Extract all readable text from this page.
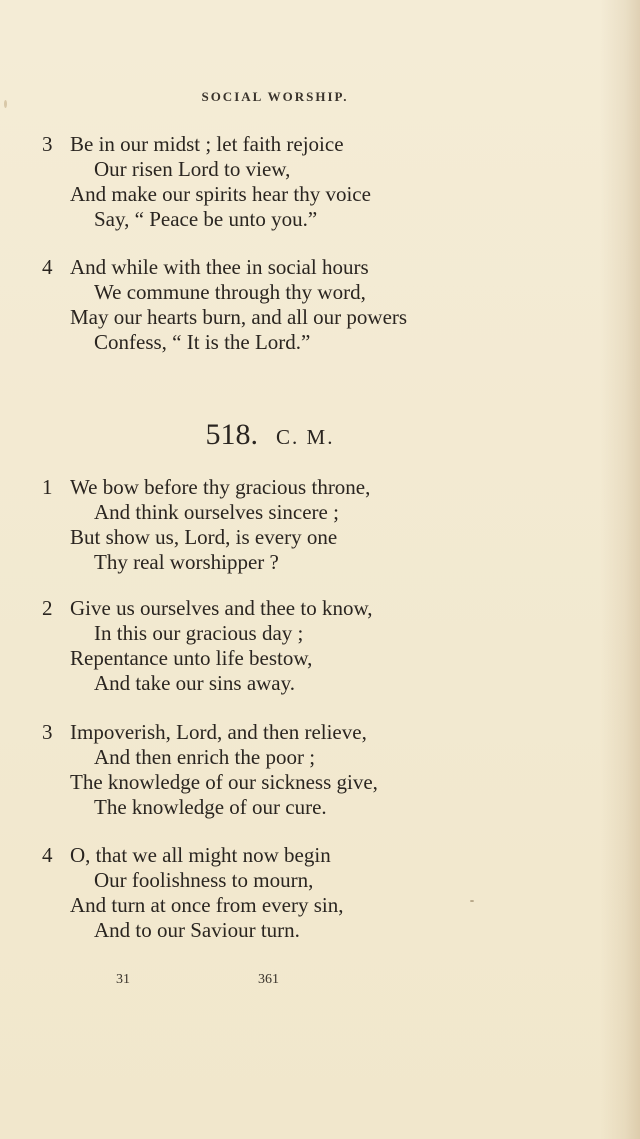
SOCIAL WORSHIP.
3 Be in our midst ; let faith rejoice
Our risen Lord to view,
And make our spirits hear thy voice
Say, “ Peace be unto you.”
4 And while with thee in social hours
We commune through thy word,
May our hearts burn, and all our powers
Confess, “ It is the Lord.”
518. C. M.
1 We bow before thy gracious throne,
And think ourselves sincere ;
But show us, Lord, is every one
Thy real worshipper ?
2 Give us ourselves and thee to know,
In this our gracious day ;
Repentance unto life bestow,
And take our sins away.
3 Impoverish, Lord, and then relieve,
And then enrich the poor ;
The knowledge of our sickness give,
The knowledge of our cure.
4 O, that we all might now begin
Our foolishness to mourn,
And turn at once from every sin,
And to our Saviour turn.
31	361
